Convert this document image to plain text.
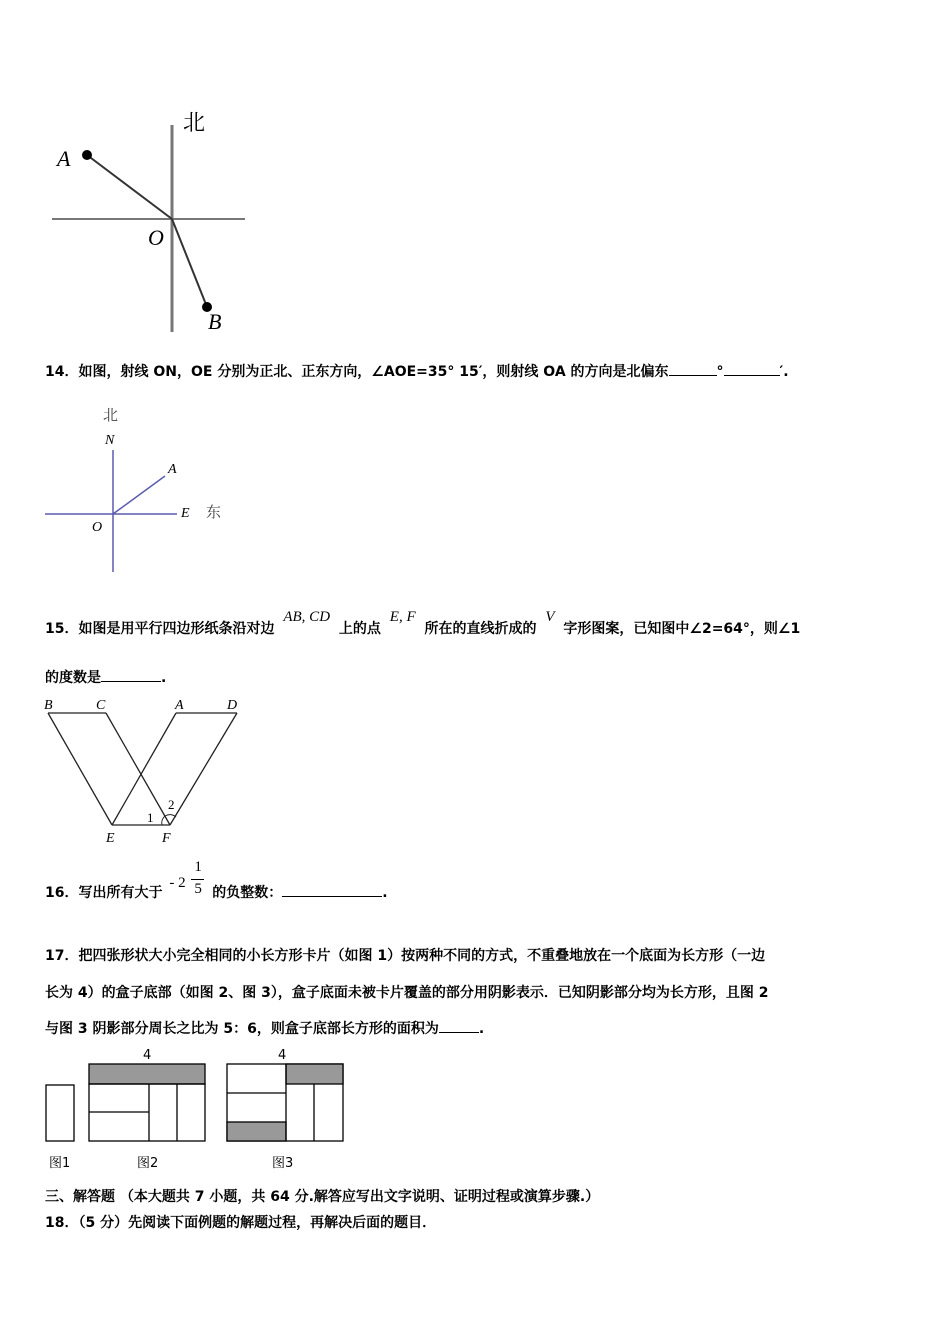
北
A
O
B
14．如图，射线 ON，OE 分别为正北、正东方向，∠AOE=35° 15′，则射线 OA 的方向是北偏东	°	′.
北
N
A
O
E 东
15．如图是用平行四边形纸条沿对边 AB, CD 上的点 E, F 所在的直线折成的 V 字形图案，已知图中∠2=64°，则∠1
的度数是	.
B	C	A	D
E	F
1
2
16．写出所有大于
- 2
1
5 的负整数：	.
17．把四张形状大小完全相同的小长方形卡片（如图 1）按两种不同的方式，不重叠地放在一个底面为长方形（一边
长为 4）的盒子底部（如图 2、图 3），盒子底面未被卡片覆盖的部分用阴影表示．已知阴影部分均为长方形，且图 2
与图 3 阴影部分周长之比为 5：6，则盒子底部长方形的面积为	.
4	4
图1	图2	图3
三、解答题 （本大题共 7 小题，共 64 分.解答应写出文字说明、证明过程或演算步骤.）
18．（5 分）先阅读下面例题的解题过程，再解决后面的题目．
